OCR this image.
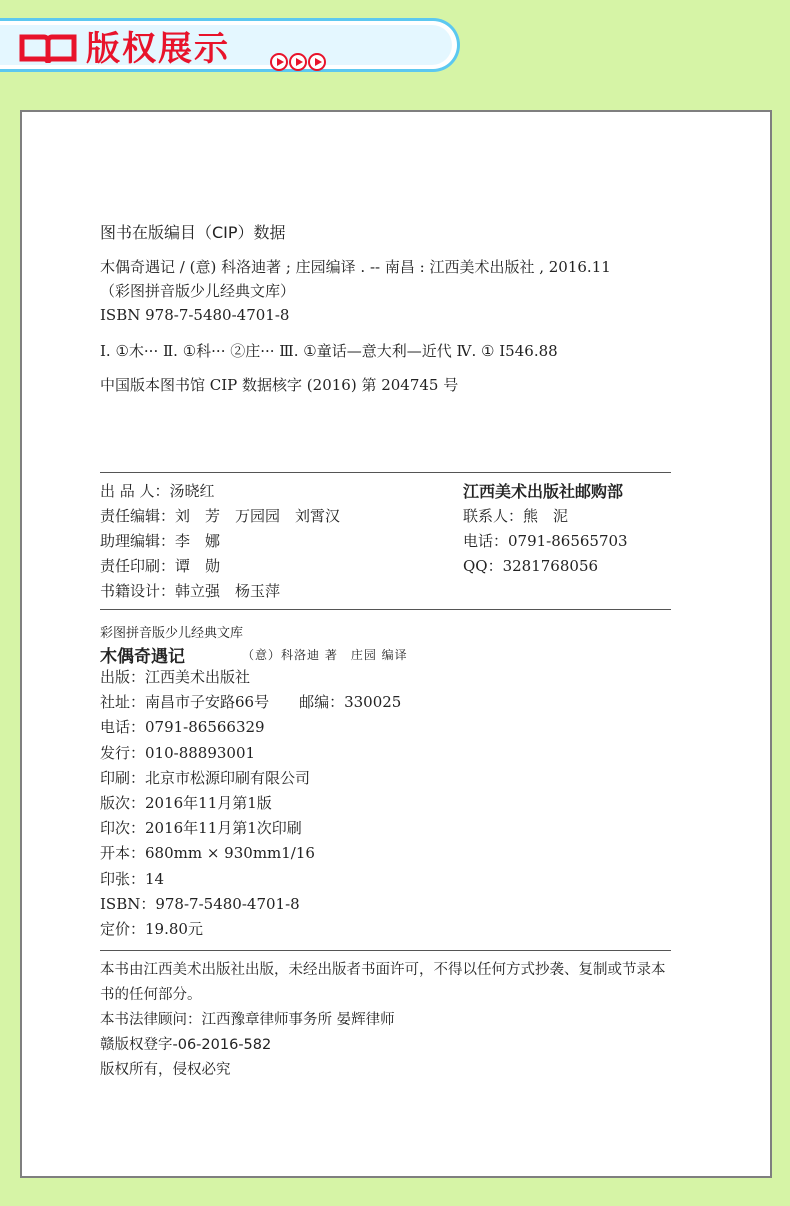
版权展示
图书在版编目（CIP）数据
木偶奇遇记 / (意) 科洛迪著 ; 庄园编译 . -- 南昌 : 江西美术出版社 , 2016.11
（彩图拼音版少儿经典文库）
ISBN 978-7-5480-4701-8
Ⅰ. ①木··· Ⅱ. ①科··· ②庄··· Ⅲ. ①童话—意大利—近代 Ⅳ. ① I546.88
中国版本图书馆 CIP 数据核字 (2016) 第 204745 号
出 品 人：汤晓红
责任编辑：刘　芳　万园园　刘霄汉
助理编辑：李　娜
责任印刷：谭　勋
书籍设计：韩立强　杨玉萍
江西美术出版社邮购部
联系人：熊　泥
电话：0791-86565703
QQ：3281768056
彩图拼音版少儿经典文库
木偶奇遇记	（意）科洛迪 著　庄园 编译
出版：江西美术出版社
社址：南昌市子安路66号　　邮编：330025
电话：0791-86566329
发行：010-88893001
印刷：北京市松源印刷有限公司
版次：2016年11月第1版
印次：2016年11月第1次印刷
开本：680mm × 930mm1/16
印张：14
ISBN：978-7-5480-4701-8
定价：19.80元
本书由江西美术出版社出版，未经出版者书面许可，不得以任何方式抄袭、复制或节录本书的任何部分。
本书法律顾问：江西豫章律师事务所 晏辉律师
赣版权登字-06-2016-582
版权所有，侵权必究
